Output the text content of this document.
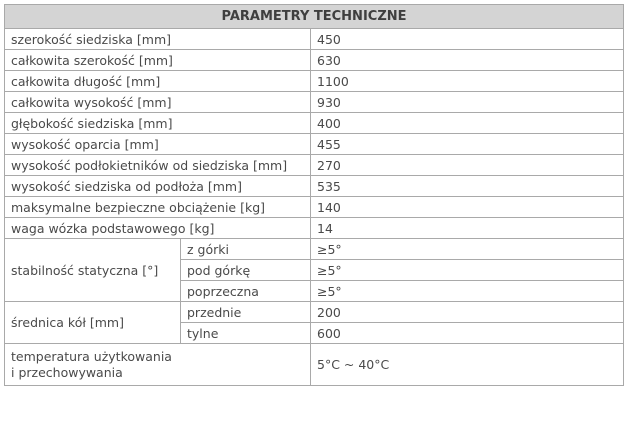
PARAMETRY TECHNICZNE		
szerokość siedziska [mm]		450
całkowita szerokość [mm]		630
całkowita długość [mm]		1100
całkowita wysokość [mm]		930
głębokość siedziska [mm]		400
wysokość oparcia [mm]		455
wysokość podłokietników od siedziska [mm]		270
wysokość siedziska od podłoża [mm]		535
maksymalne bezpieczne obciążenie [kg]		140
waga wózka podstawowego [kg]		14
stabilność statyczna [°]	z górki	≥5°
	pod górkę	≥5°
	poprzeczna	≥5°
średnica kół [mm]	przednie	200
	tylne	600
temperatura użytkowania
i przechowywania		5°C ~ 40°C
